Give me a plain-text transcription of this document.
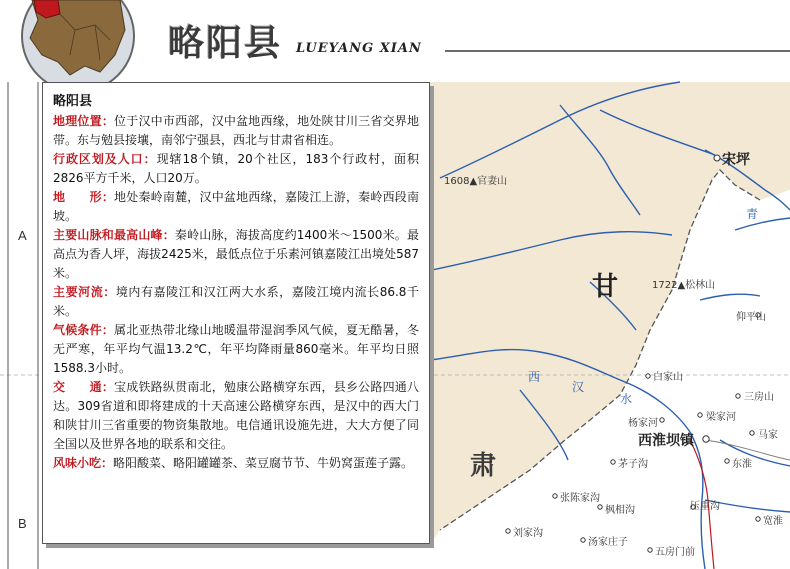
略阳县 LUEYANG XIAN
A
B
1608▲官妻山
1722▲松林山
宋坪
西淮坝镇
仰平山
白家山
三房山
梁家河
杨家河
马家
东淮
茅子沟
张陈家沟
枫相沟	压重沟
刘家沟
汤家庄子
五房门前
宽淮
西
汉
水
青
甘
肃
略阳县

地理位置 ： 位于汉中市西部，汉中盆地西缘，地处陕甘川三省交界地带。东与勉县接壤，南邻宁强县，西北与甘肃省相连。

行政区划及人口 ： 现辖18个镇，20个社区，183个行政村，面积2826平方千米，人口20万。

地　　形 ： 地处秦岭南麓，汉中盆地西缘，嘉陵江上游，秦岭西段南坡。

主要山脉和最高山峰 ： 秦岭山脉，海拔高度约1400米～1500米。最高点为香人坪，海拔2425米，最低点位于乐素河镇嘉陵江出境处587米。

主要河流 ： 境内有嘉陵江和汉江两大水系，嘉陵江境内流长86.8千米。

气候条件 ： 属北亚热带北缘山地暖温带湿润季风气候，夏无酷暑，冬无严寒，年平均气温13.2℃，年平均降雨量860毫米。年平均日照1588.3小时。

交　　通 ： 宝成铁路纵贯南北，勉康公路横穿东西，县乡公路四通八达。309省道和即将建成的十天高速公路横穿东西，是汉中的西大门和陕甘川三省重要的物资集散地。电信通讯设施先进，大大方便了同全国以及世界各地的联系和交往。

风味小吃 ： 略阳酸菜、略阳罐罐茶、菜豆腐节节、牛奶窝蛋莲子露。
